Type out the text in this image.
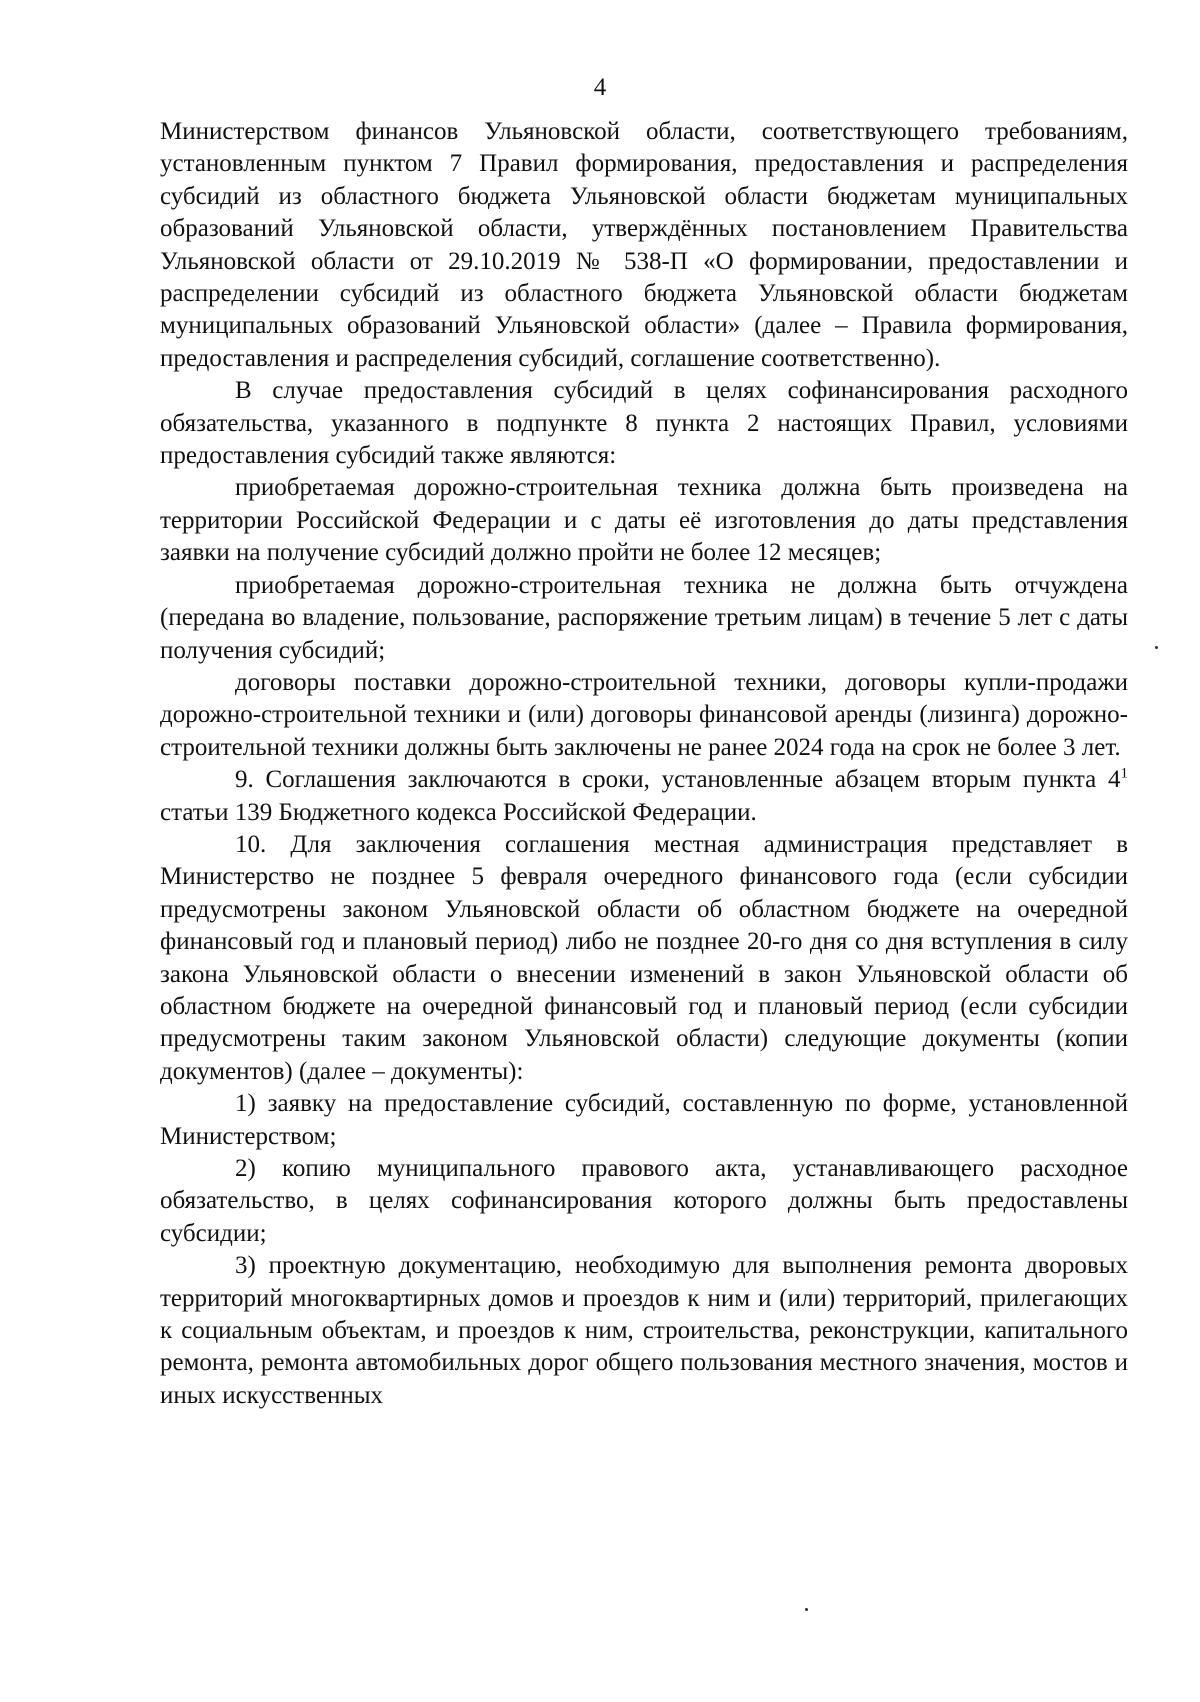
4

Министерством финансов Ульяновской области, соответствующего требованиям, установленным пунктом 7 Правил формирования, предоставления и распределения субсидий из областного бюджета Ульяновской области бюджетам муниципальных образований Ульяновской области, утверждённых постановлением Правительства Ульяновской области от 29.10.2019 № 538-П «О формировании, предоставлении и распределении субсидий из областного бюджета Ульяновской области бюджетам муниципальных образований Ульяновской области» (далее – Правила формирования, предоставления и распределения субсидий, соглашение соответственно).

В случае предоставления субсидий в целях софинансирования расходного обязательства, указанного в подпункте 8 пункта 2 настоящих Правил, условиями предоставления субсидий также являются:

приобретаемая дорожно-строительная техника должна быть произведена на территории Российской Федерации и с даты её изготовления до даты представления заявки на получение субсидий должно пройти не более 12 месяцев;

приобретаемая дорожно-строительная техника не должна быть отчуждена (передана во владение, пользование, распоряжение третьим лицам) в течение 5 лет с даты получения субсидий;

договоры поставки дорожно-строительной техники, договоры купли-продажи дорожно-строительной техники и (или) договоры финансовой аренды (лизинга) дорожно-строительной техники должны быть заключены не ранее 2024 года на срок не более 3 лет.

9. Соглашения заключаются в сроки, установленные абзацем вторым пункта $4^1$ статьи 139 Бюджетного кодекса Российской Федерации.

10. Для заключения соглашения местная администрация представляет в Министерство не позднее 5 февраля очередного финансового года (если субсидии предусмотрены законом Ульяновской области об областном бюджете на очередной финансовый год и плановый период) либо не позднее 20-го дня со дня вступления в силу закона Ульяновской области о внесении изменений в закон Ульяновской области об областном бюджете на очередной финансовый год и плановый период (если субсидии предусмотрены таким законом Ульяновской области) следующие документы (копии документов) (далее – документы):

1) заявку на предоставление субсидий, составленную по форме, установленной Министерством;

2) копию муниципального правового акта, устанавливающего расходное обязательство, в целях софинансирования которого должны быть предоставлены субсидии;

3) проектную документацию, необходимую для выполнения ремонта дворовых территорий многоквартирных домов и проездов к ним и (или) территорий, прилегающих к социальным объектам, и проездов к ним, строительства, реконструкции, капитального ремонта, ремонта автомобильных дорог общего пользования местного значения, мостов и иных искусственных
